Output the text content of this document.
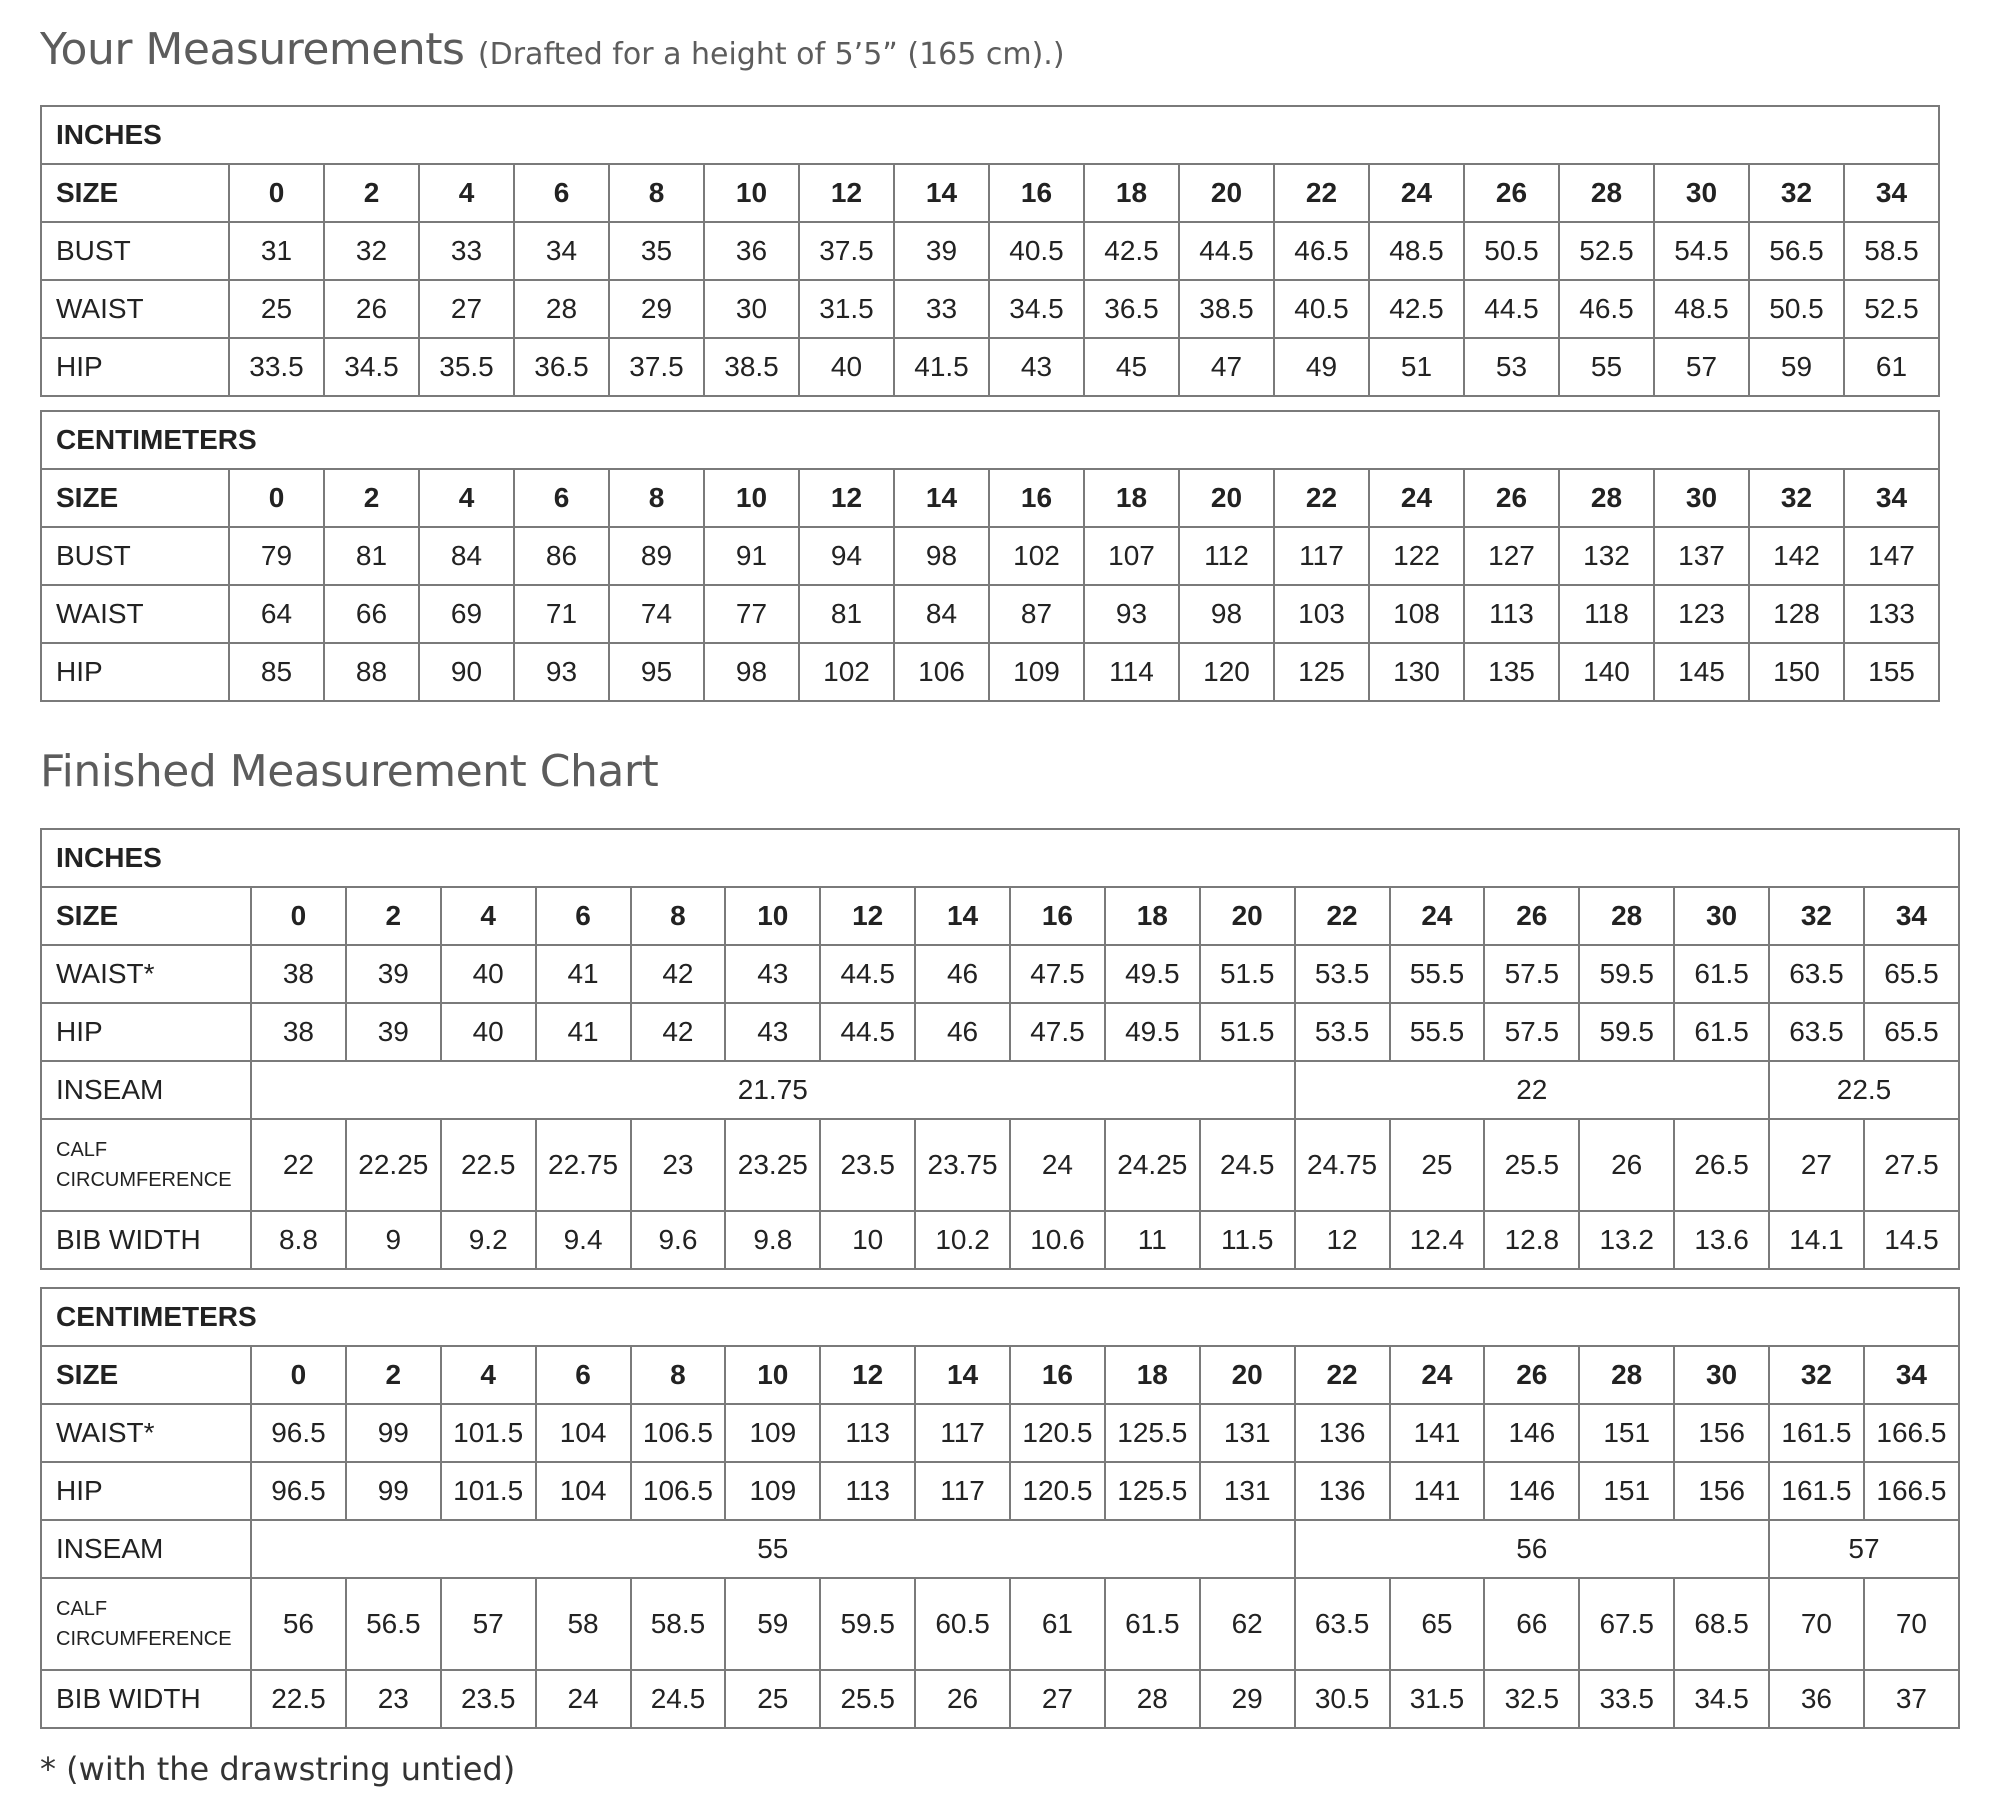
Your Measurements (Drafted for a height of 5’5” (165 cm).)
INCHES																		
SIZE	0	2	4	6	8	10	12	14	16	18	20	22	24	26	28	30	32	34
BUST	31	32	33	34	35	36	37.5	39	40.5	42.5	44.5	46.5	48.5	50.5	52.5	54.5	56.5	58.5
WAIST	25	26	27	28	29	30	31.5	33	34.5	36.5	38.5	40.5	42.5	44.5	46.5	48.5	50.5	52.5
HIP	33.5	34.5	35.5	36.5	37.5	38.5	40	41.5	43	45	47	49	51	53	55	57	59	61
CENTIMETERS																		
SIZE	0	2	4	6	8	10	12	14	16	18	20	22	24	26	28	30	32	34
BUST	79	81	84	86	89	91	94	98	102	107	112	117	122	127	132	137	142	147
WAIST	64	66	69	71	74	77	81	84	87	93	98	103	108	113	118	123	128	133
HIP	85	88	90	93	95	98	102	106	109	114	120	125	130	135	140	145	150	155
Finished Measurement Chart
INCHES																		
SIZE	0	2	4	6	8	10	12	14	16	18	20	22	24	26	28	30	32	34
WAIST*	38	39	40	41	42	43	44.5	46	47.5	49.5	51.5	53.5	55.5	57.5	59.5	61.5	63.5	65.5
HIP	38	39	40	41	42	43	44.5	46	47.5	49.5	51.5	53.5	55.5	57.5	59.5	61.5	63.5	65.5
INSEAM	21.75											22					22.5	
CALF
CIRCUMFERENCE	22	22.25	22.5	22.75	23	23.25	23.5	23.75	24	24.25	24.5	24.75	25	25.5	26	26.5	27	27.5
BIB WIDTH	8.8	9	9.2	9.4	9.6	9.8	10	10.2	10.6	11	11.5	12	12.4	12.8	13.2	13.6	14.1	14.5
CENTIMETERS																		
SIZE	0	2	4	6	8	10	12	14	16	18	20	22	24	26	28	30	32	34
WAIST*	96.5	99	101.5	104	106.5	109	113	117	120.5	125.5	131	136	141	146	151	156	161.5	166.5
HIP	96.5	99	101.5	104	106.5	109	113	117	120.5	125.5	131	136	141	146	151	156	161.5	166.5
INSEAM	55											56					57	
CALF
CIRCUMFERENCE	56	56.5	57	58	58.5	59	59.5	60.5	61	61.5	62	63.5	65	66	67.5	68.5	70	70
BIB WIDTH	22.5	23	23.5	24	24.5	25	25.5	26	27	28	29	30.5	31.5	32.5	33.5	34.5	36	37

* (with the drawstring untied)
